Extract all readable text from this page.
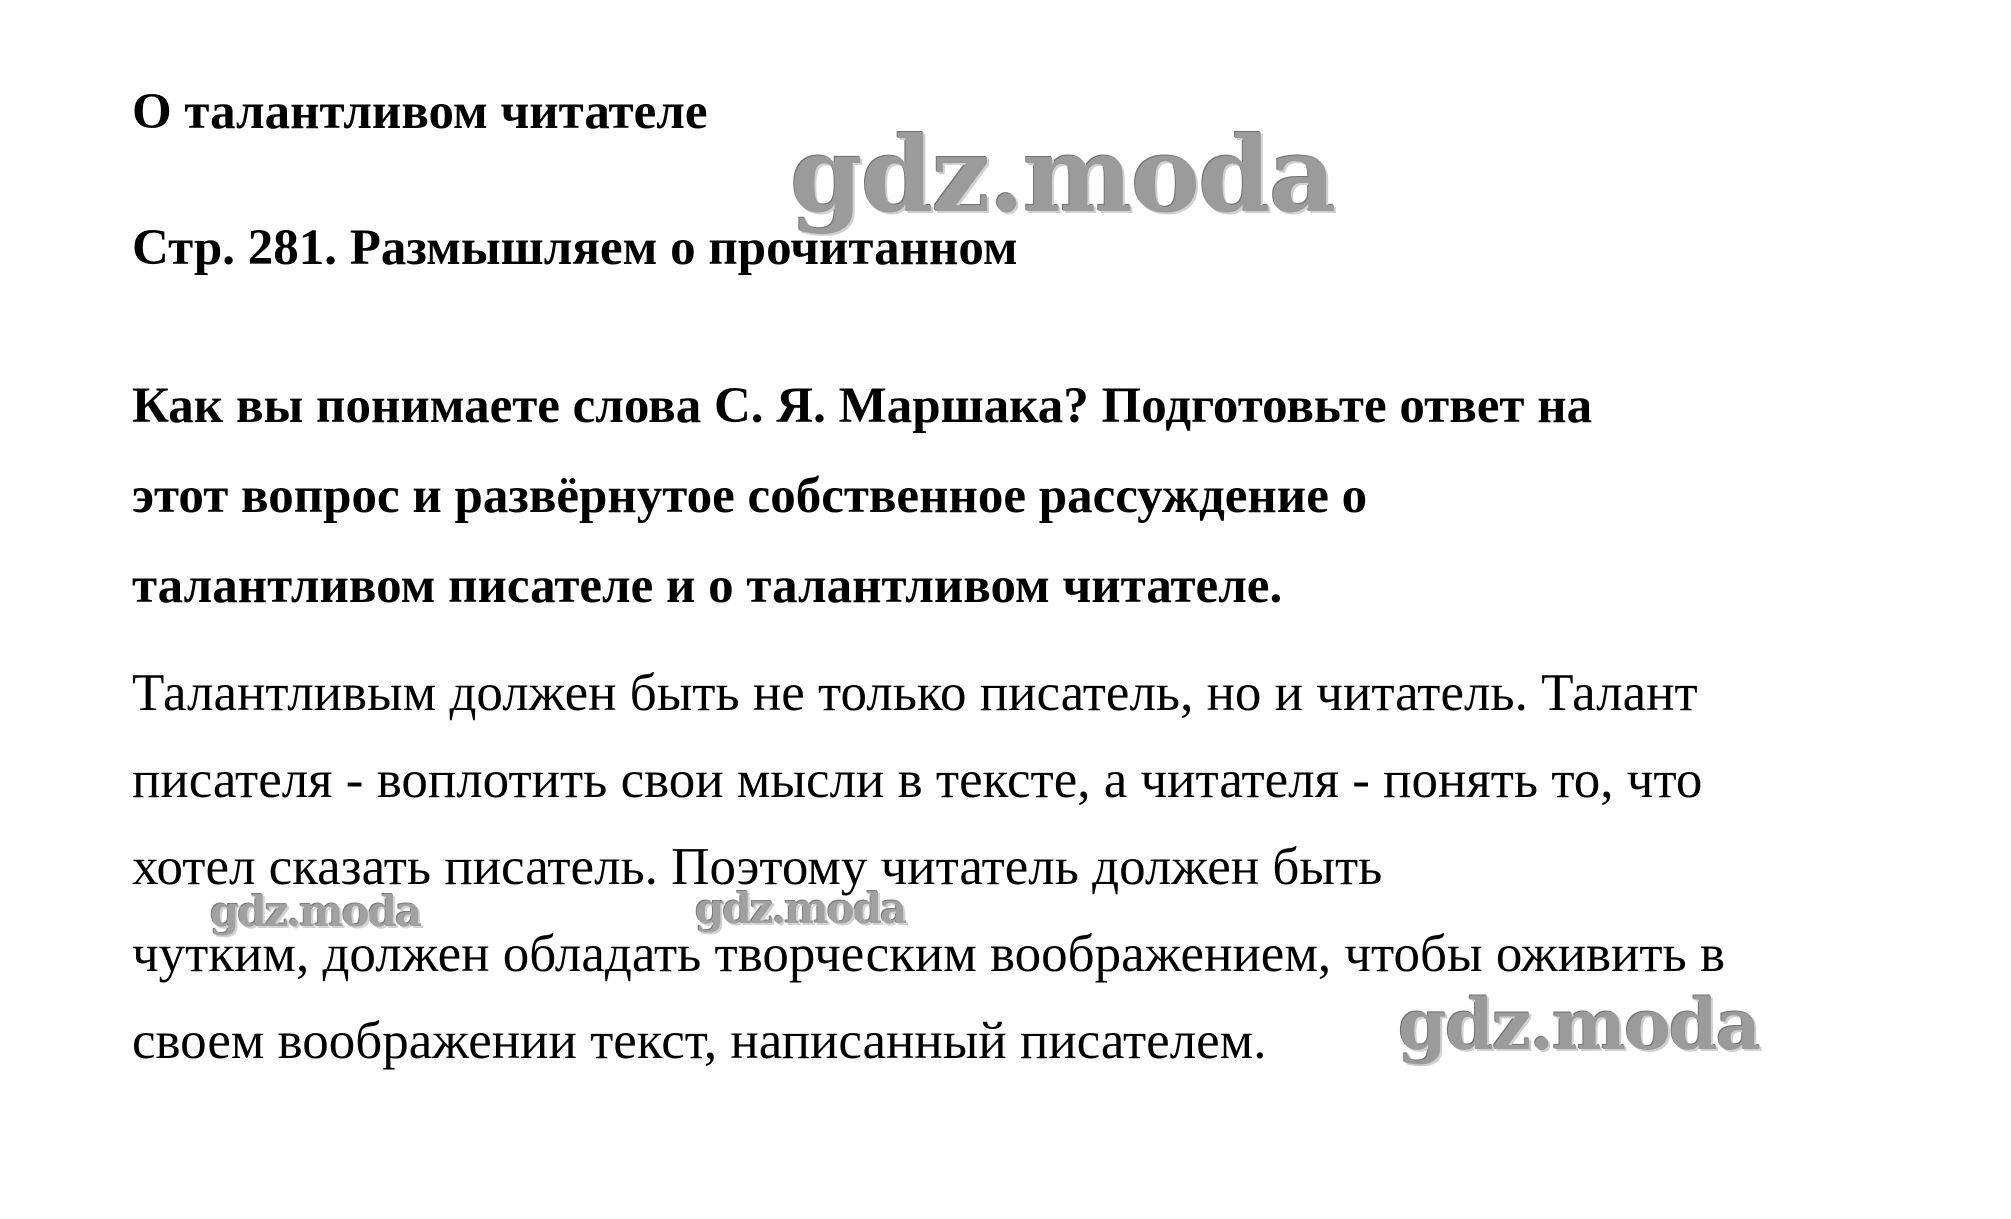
О талантливом читателе
Стр. 281. Размышляем о прочитанном
Как вы понимаете слова С. Я. Маршака? Подготовьте ответ на
этот вопрос и развёрнутое собственное рассуждение о
талантливом писателе и о талантливом читателе.
Талантливым должен быть не только писатель, но и читатель. Талант
писателя - воплотить свои мысли в тексте, а читателя - понять то, что
хотел сказать писатель. Поэтому читатель должен быть
чутким, должен обладать творческим воображением, чтобы оживить в
своем воображении текст, написанный писателем.
gdz.moda
gdz.moda	gdz.moda
gdz.moda
